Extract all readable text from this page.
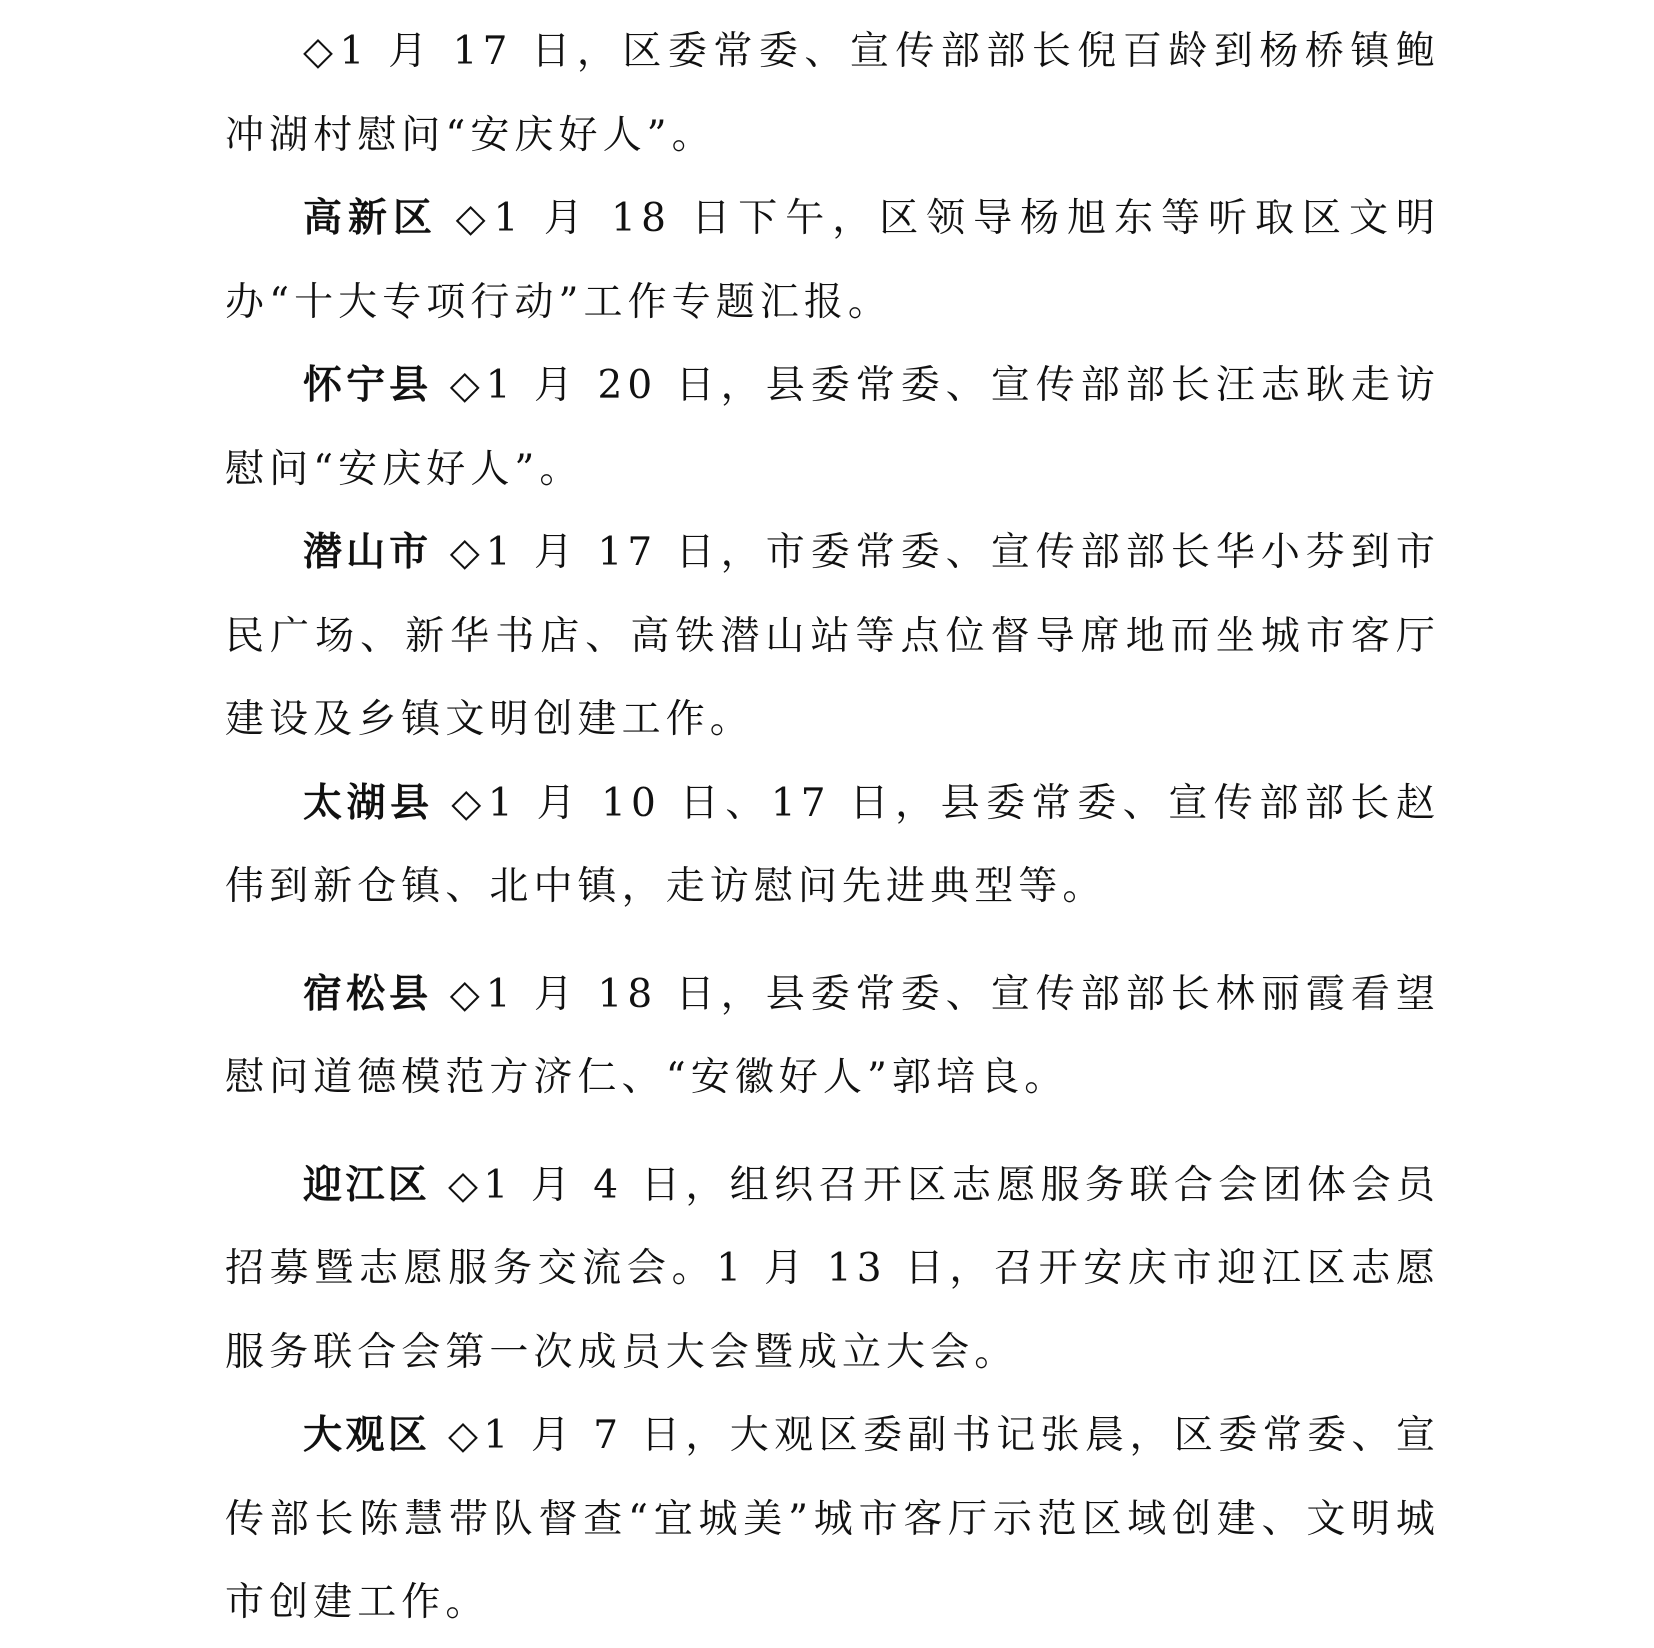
◇1 月 17 日，区委常委、宣传部部长倪百龄到杨桥镇鲍冲湖村慰问“安庆好人”。

高新区 ◇1 月 18 日下午，区领导杨旭东等听取区文明办“十大专项行动”工作专题汇报。

怀宁县 ◇1 月 20 日，县委常委、宣传部部长汪志耿走访慰问“安庆好人”。

潜山市 ◇1 月 17 日，市委常委、宣传部部长华小芬到市民广场、新华书店、高铁潜山站等点位督导席地而坐城市客厅建设及乡镇文明创建工作。

太湖县 ◇1 月 10 日、17 日，县委常委、宣传部部长赵伟到新仓镇、北中镇，走访慰问先进典型等。

宿松县 ◇1 月 18 日，县委常委、宣传部部长林丽霞看望慰问道德模范方济仁、“安徽好人”郭培良。

迎江区 ◇1 月 4 日，组织召开区志愿服务联合会团体会员招募暨志愿服务交流会。1 月 13 日，召开安庆市迎江区志愿服务联合会第一次成员大会暨成立大会。

大观区 ◇1 月 7 日，大观区委副书记张晨，区委常委、宣传部长陈慧带队督查“宜城美”城市客厅示范区域创建、文明城市创建工作。
